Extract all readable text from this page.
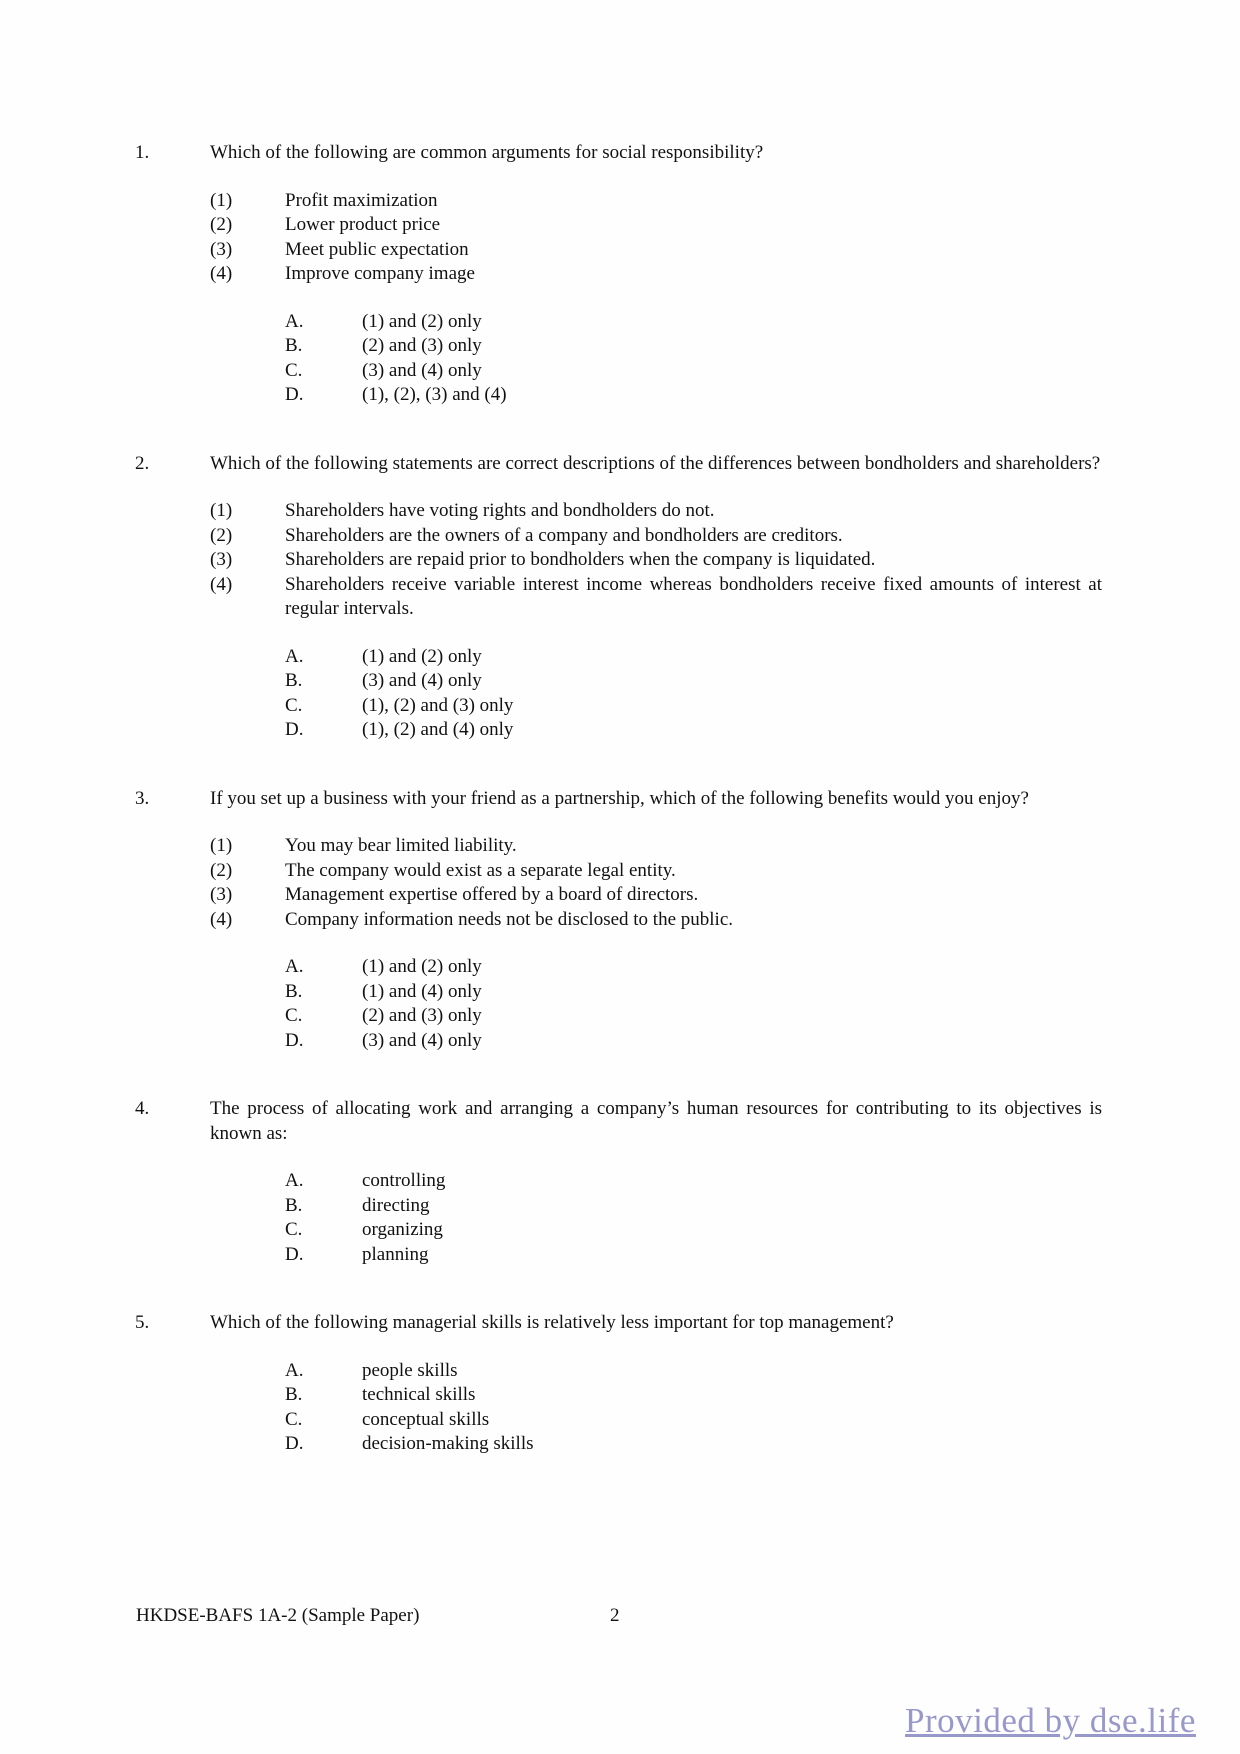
1.	Which of the following are common arguments for social responsibility?
(1)	Profit maximization
(2)	Lower product price
(3)	Meet public expectation
(4)	Improve company image
A.	(1) and (2) only
B.	(2) and (3) only
C.	(3) and (4) only
D.	(1), (2), (3) and (4)
2.	Which of the following statements are correct descriptions of the differences between bondholders and shareholders?
(1)	Shareholders have voting rights and bondholders do not.
(2)	Shareholders are the owners of a company and bondholders are creditors.
(3)	Shareholders are repaid prior to bondholders when the company is liquidated.
(4)	Shareholders receive variable interest income whereas bondholders receive fixed amounts of interest at regular intervals.
A.	(1) and (2) only
B.	(3) and (4) only
C.	(1), (2) and (3) only
D.	(1), (2) and (4) only
3.	If you set up a business with your friend as a partnership, which of the following benefits would you enjoy?
(1)	You may bear limited liability.
(2)	The company would exist as a separate legal entity.
(3)	Management expertise offered by a board of directors.
(4)	Company information needs not be disclosed to the public.
A.	(1) and (2) only
B.	(1) and (4) only
C.	(2) and (3) only
D.	(3) and (4) only
4.	The process of allocating work and arranging a company’s human resources for contributing to its objectives is known as:
A.	controlling
B.	directing
C.	organizing
D.	planning
5.	Which of the following managerial skills is relatively less important for top management?
A.	people skills
B.	technical skills
C.	conceptual skills
D.	decision-making skills
HKDSE-BAFS 1A-2 (Sample Paper)	2
Provided by dse.life
